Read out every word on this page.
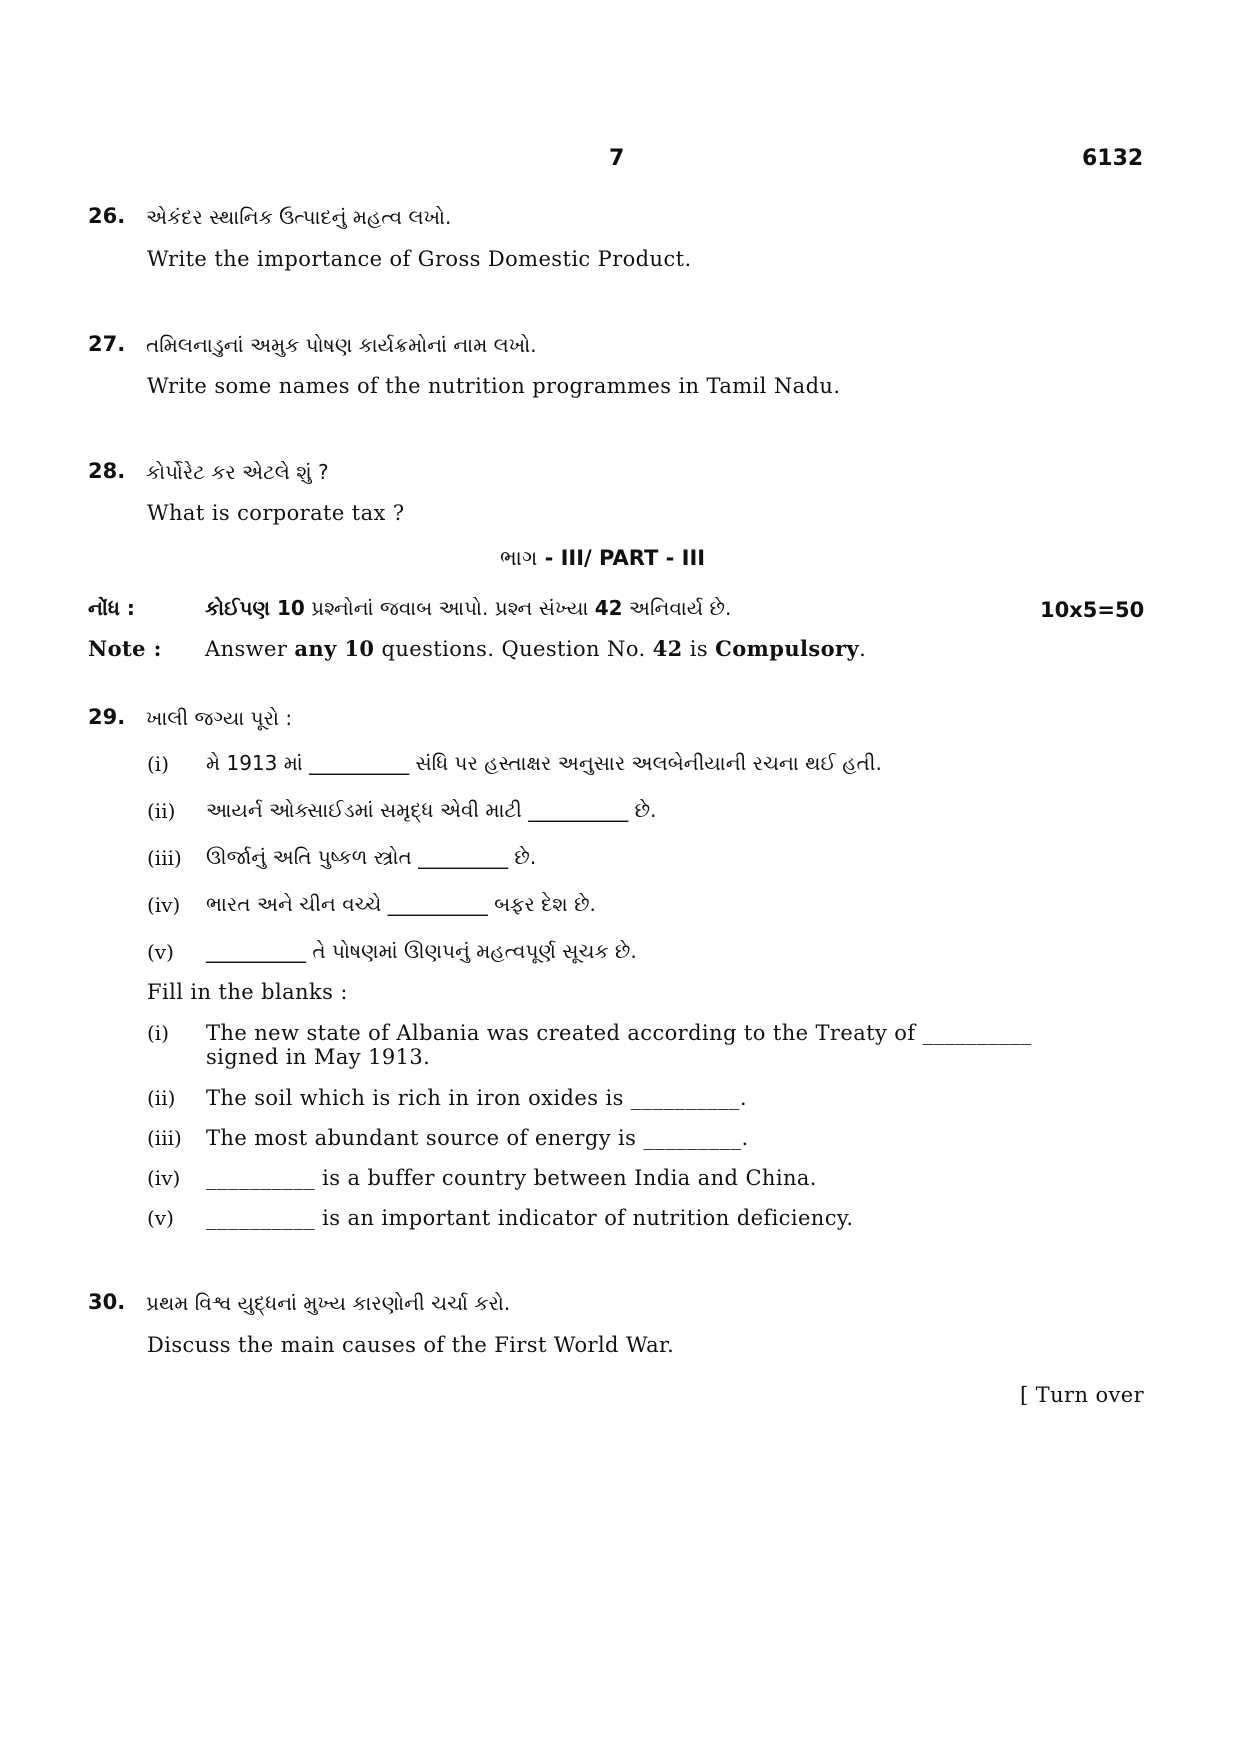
7	6132
26. એકંદર સ્થાનિક ઉત્પાદનું મહત્વ લખો.
Write the importance of Gross Domestic Product.
27. તમિલનાડુનાં અમુક પોષણ કાર્યક્રમોનાં નામ લખો.
Write some names of the nutrition programmes in Tamil Nadu.
28. કોર્પોરેટ કર એટલે શું ?
What is corporate tax ?
ભાગ - III/ PART - III
નોંધ :	કોઈપણ 10 પ્રશ્નોનાં જવાબ આપો. પ્રશ્ન સંખ્યા 42 અનિવાર્ય છે.	10x5=50
Note : Answer any 10 questions. Question No. 42 is Compulsory.
29. ખાલી જગ્યા પૂરો :
(i) મે 1913 માં __________ સંધિ પર હસ્તાક્ષર અનુસાર અલબેનીયાની રચના થઈ હતી.
(ii) આયર્ન ઓક્સાઈડમાં સમૃદ્ધ એવી માટી __________ છે.
(iii) ઊર્જાનું અતિ પુષ્કળ સ્ત્રોત _________ છે.
(iv) ભારત અને ચીન વચ્ચે __________ બફર દેશ છે.
(v) __________ તે પોષણમાં ઊણપનું મહત્વપૂર્ણ સૂચક છે.
Fill in the blanks :
(i) The new state of Albania was created according to the Treaty of __________
signed in May 1913.
(ii) The soil which is rich in iron oxides is __________.
(iii) The most abundant source of energy is _________.
(iv) __________ is a buffer country between India and China.
(v) __________ is an important indicator of nutrition deficiency.
30. પ્રથમ વિશ્વ યુદ્ધનાં મુખ્ય કારણોની ચર્ચા કરો.
Discuss the main causes of the First World War.
[ Turn over
